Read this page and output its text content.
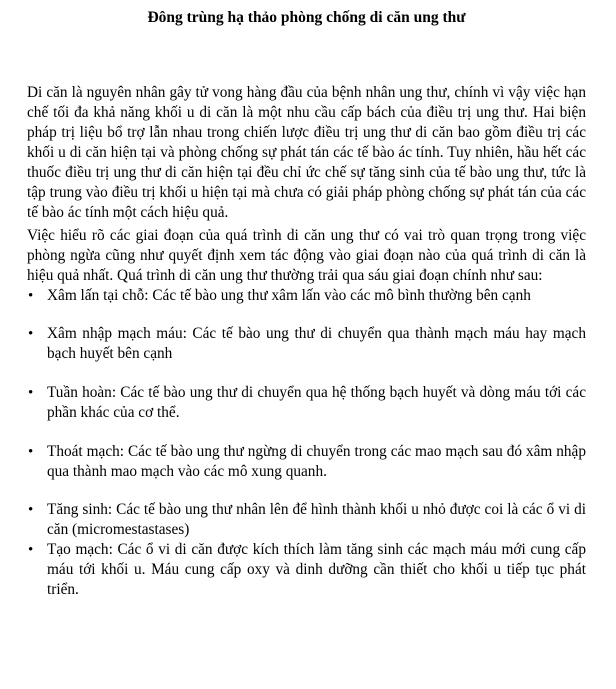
Đông trùng hạ thảo phòng chống di căn ung thư

Di căn là nguyên nhân gây tử vong hàng đầu của bệnh nhân ung thư, chính vì vậy việc hạn chế tối đa khả năng khối u di căn là một nhu cầu cấp bách của điều trị ung thư. Hai biện pháp trị liệu bổ trợ lẫn nhau trong chiến lược điều trị ung thư di căn bao gồm điều trị các khối u di căn hiện tại và phòng chống sự phát tán các tế bào ác tính. Tuy nhiên, hầu hết các thuốc điều trị ung thư di căn hiện tại đều chỉ ức chế sự tăng sinh của tế bào ung thư, tức là tập trung vào điều trị khối u hiện tại mà chưa có giải pháp phòng chống sự phát tán của các tế bào ác tính một cách hiệu quả.

Việc hiểu rõ các giai đoạn của quá trình di căn ung thư có vai trò quan trọng trong việc phòng ngừa cũng như quyết định xem tác động vào giai đoạn nào của quá trình di căn là hiệu quả nhất. Quá trình di căn ung thư thường trải qua sáu giai đoạn chính như sau:

• Xâm lấn tại chỗ: Các tế bào ung thư xâm lấn vào các mô bình thường bên cạnh
• Xâm nhập mạch máu: Các tế bào ung thư di chuyển qua thành mạch máu hay mạch bạch huyết bên cạnh
• Tuần hoàn: Các tế bào ung thư di chuyển qua hệ thống bạch huyết và dòng máu tới các phần khác của cơ thể.
• Thoát mạch: Các tế bào ung thư ngừng di chuyển trong các mao mạch sau đó xâm nhập qua thành mao mạch vào các mô xung quanh.
• Tăng sinh: Các tế bào ung thư nhân lên để hình thành khối u nhỏ được coi là các ổ vi di căn (micromestastases)
• Tạo mạch: Các ổ vi di căn được kích thích làm tăng sinh các mạch máu mới cung cấp máu tới khối u. Máu cung cấp oxy và dinh dưỡng cần thiết cho khối u tiếp tục phát triển.
